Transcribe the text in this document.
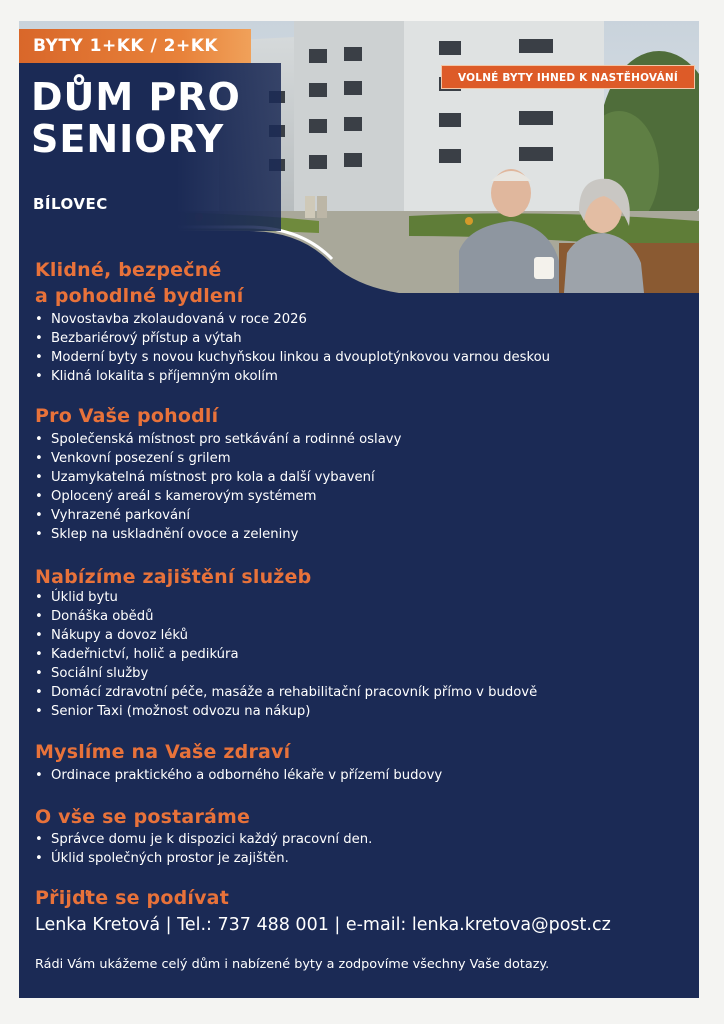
BYTY 1+KK / 2+KK
DŮM PRO
SENIORY
BÍLOVEC
VOLNÉ BYTY IHNED K NASTĚHOVÁNÍ
Klidné, bezpečné
a pohodlné bydlení
• Novostavba zkolaudovaná v roce 2026
• Bezbariérový přístup a výtah
• Moderní byty s novou kuchyňskou linkou a dvouplotýnkovou varnou deskou
• Klidná lokalita s příjemným okolím
Pro Vaše pohodlí
• Společenská místnost pro setkávání a rodinné oslavy
• Venkovní posezení s grilem
• Uzamykatelná místnost pro kola a další vybavení
• Oplocený areál s kamerovým systémem
• Vyhrazené parkování
• Sklep na uskladnění ovoce a zeleniny
Nabízíme zajištění služeb
• Úklid bytu
• Donáška obědů
• Nákupy a dovoz léků
• Kadeřnictví, holič a pedikúra
• Sociální služby
• Domácí zdravotní péče, masáže a rehabilitační pracovník přímo v budově
• Senior Taxi (možnost odvozu na nákup)
Myslíme na Vaše zdraví
• Ordinace praktického a odborného lékaře v přízemí budovy
O vše se postaráme
• Správce domu je k dispozici každý pracovní den.
• Úklid společných prostor je zajištěn.
Přijďte se podívat
Lenka Kretová | Tel.: 737 488 001 | e-mail: lenka.kretova@post.cz
Rádi Vám ukážeme celý dům i nabízené byty a zodpovíme všechny Vaše dotazy.
